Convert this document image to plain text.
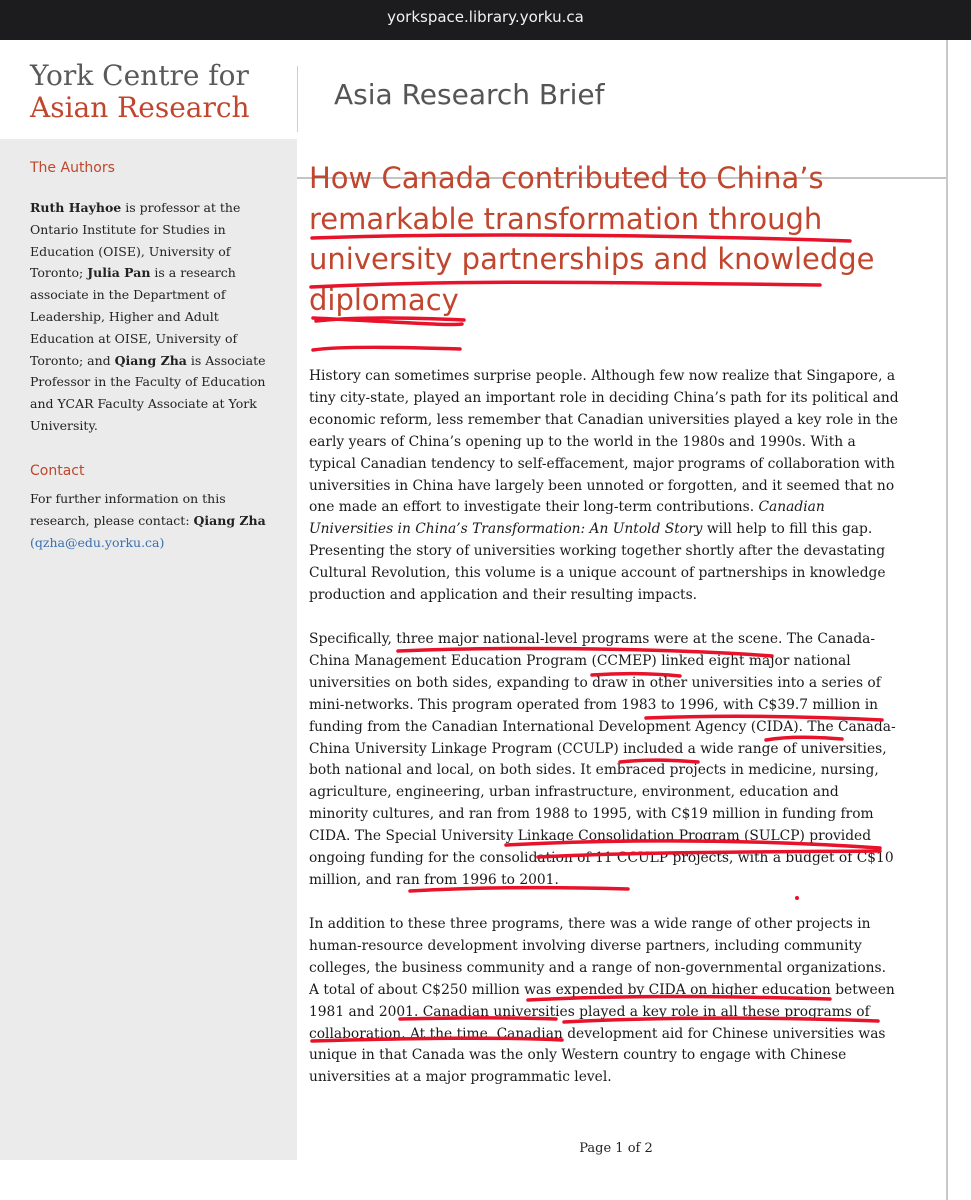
yorkspace.library.yorku.ca
York Centre for
Asian Research	Asia Research Brief
The Authors
Ruth Hayhoe is professor at the Ontario Institute for Studies in Education (OISE), University of Toronto; Julia Pan is a research associate in the Department of Leadership, Higher and Adult Education at OISE, University of Toronto; and Qiang Zha is Associate Professor in the Faculty of Education and YCAR Faculty Associate at York University.
Contact
For further information on this research, please contact: Qiang Zha (qzha@edu.yorku.ca)
How Canada contributed to China’s remarkable transformation through university partnerships and knowledge diplomacy
History can sometimes surprise people. Although few now realize that Singapore, a tiny city-state, played an important role in deciding China’s path for its political and economic reform, less remember that Canadian universities played a key role in the early years of China’s opening up to the world in the 1980s and 1990s. With a typical Canadian tendency to self-effacement, major programs of collaboration with universities in China have largely been unnoted or forgotten, and it seemed that no one made an effort to investigate their long-term contributions. Canadian Universities in China’s Transformation: An Untold Story will help to fill this gap. Presenting the story of universities working together shortly after the devastating Cultural Revolution, this volume is a unique account of partnerships in knowledge production and application and their resulting impacts.
Specifically, three major national-level programs were at the scene. The Canada-China Management Education Program (CCMEP) linked eight major national universities on both sides, expanding to draw in other universities into a series of mini-networks. This program operated from 1983 to 1996, with C$39.7 million in funding from the Canadian International Development Agency (CIDA). The Canada-China University Linkage Program (CCULP) included a wide range of universities, both national and local, on both sides. It embraced projects in medicine, nursing, agriculture, engineering, urban infrastructure, environment, education and minority cultures, and ran from 1988 to 1995, with C$19 million in funding from CIDA. The Special University Linkage Consolidation Program (SULCP) provided ongoing funding for the consolidation of 11 CCULP projects, with a budget of C$10 million, and ran from 1996 to 2001.
In addition to these three programs, there was a wide range of other projects in human-resource development involving diverse partners, including community colleges, the business community and a range of non-governmental organizations. A total of about C$250 million was expended by CIDA on higher education between 1981 and 2001. Canadian universities played a key role in all these programs of collaboration. At the time, Canadian development aid for Chinese universities was unique in that Canada was the only Western country to engage with Chinese universities at a major programmatic level.
Page 1 of 2
